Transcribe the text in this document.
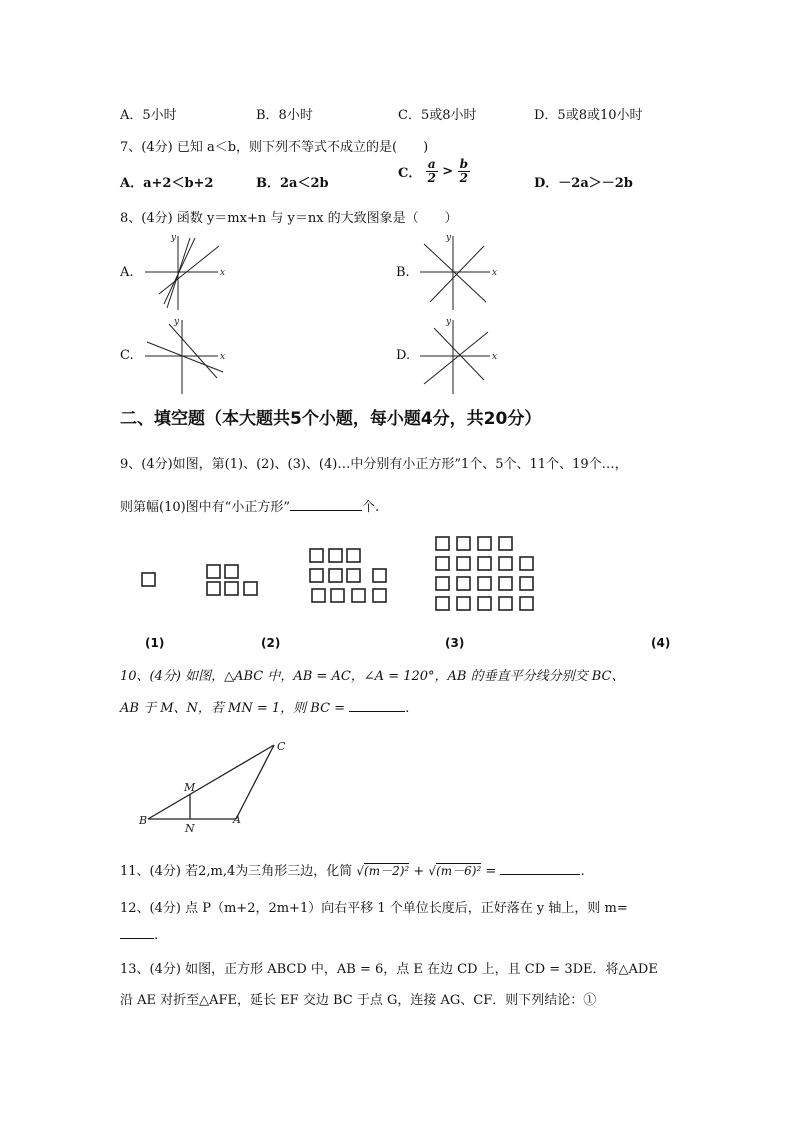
A．5小时	B．8小时	C．5或8小时	D．5或8或10小时
7、(4分) 已知 a＜b，则下列不等式不成立的是(　　)
A．a+2＜b+2	B．2a＜2b
C． $\frac{a}{2} > \frac{b}{2}$	D．－2a＞－2b
8、(4分) 函数 y＝mx+n 与 y＝nx 的大致图象是（　　）
A.	x
y
B.	x
y
C.	x
y
D.	x
y
二、填空题（本大题共5个小题，每小题4分，共20分）
9、(4分)如图，第(1)、(2)、(3)、(4)…中分别有小正方形”1个、5个、11个、19个…，
则第幅(10)图中有“小正方形”	个.
(1)	(2)	(3)	(4)
10、(4分) 如图，△ABC 中，AB = AC，∠A = 120°，AB 的垂直平分线分别交 BC、
AB 于 M、N，若 MN = 1，则 BC =	.
B
N
A
M
C
11、(4分) 若2,m,4为三角形三边，化简 √(m－2)² + √(m－6)² =	.
12、(4分) 点 P（m+2，2m+1）向右平移 1 个单位长度后，正好落在 y 轴上，则 m=
.
13、(4分) 如图，正方形 ABCD 中，AB = 6，点 E 在边 CD 上，且 CD = 3DE．将△ADE
沿 AE 对折至△AFE，延长 EF 交边 BC 于点 G，连接 AG、CF．则下列结论：①
